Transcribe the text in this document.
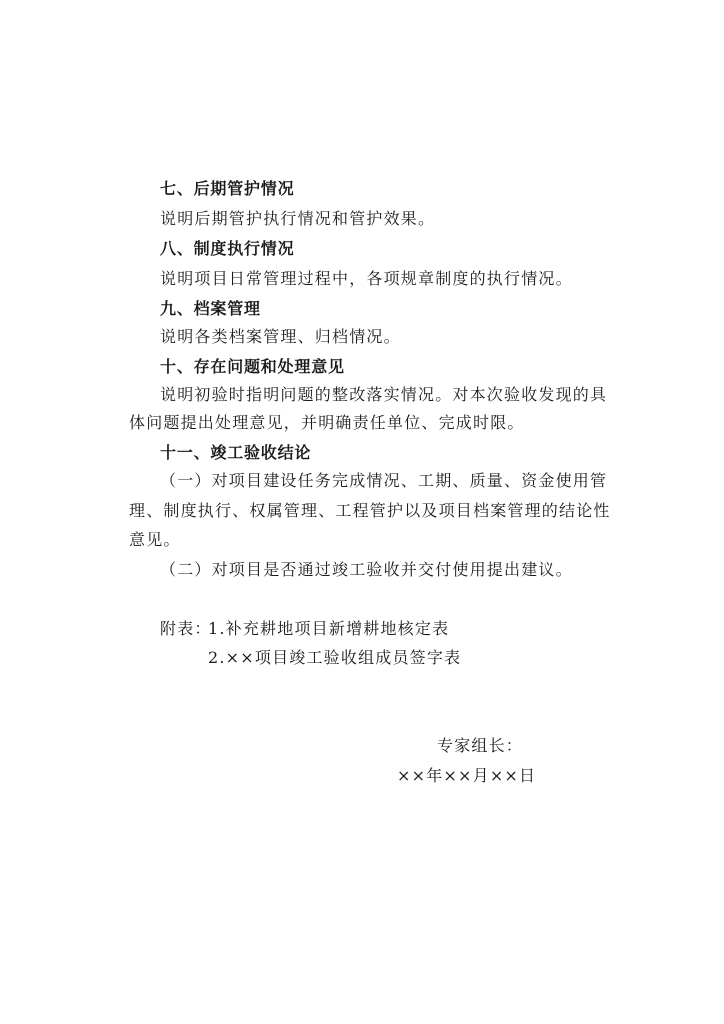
七、后期管护情况
说明后期管护执行情况和管护效果。
八、制度执行情况
说明项目日常管理过程中，各项规章制度的执行情况。
九、档案管理
说明各类档案管理、归档情况。
十、存在问题和处理意见
说明初验时指明问题的整改落实情况。对本次验收发现的具
体问题提出处理意见，并明确责任单位、完成时限。
十一、竣工验收结论
（一）对项目建设任务完成情况、工期、质量、资金使用管
理、制度执行、权属管理、工程管护以及项目档案管理的结论性
意见。
（二）对项目是否通过竣工验收并交付使用提出建议。
附表：
1.补充耕地项目新增耕地核定表
2.××项目竣工验收组成员签字表
专家组长：
××年××月××日
